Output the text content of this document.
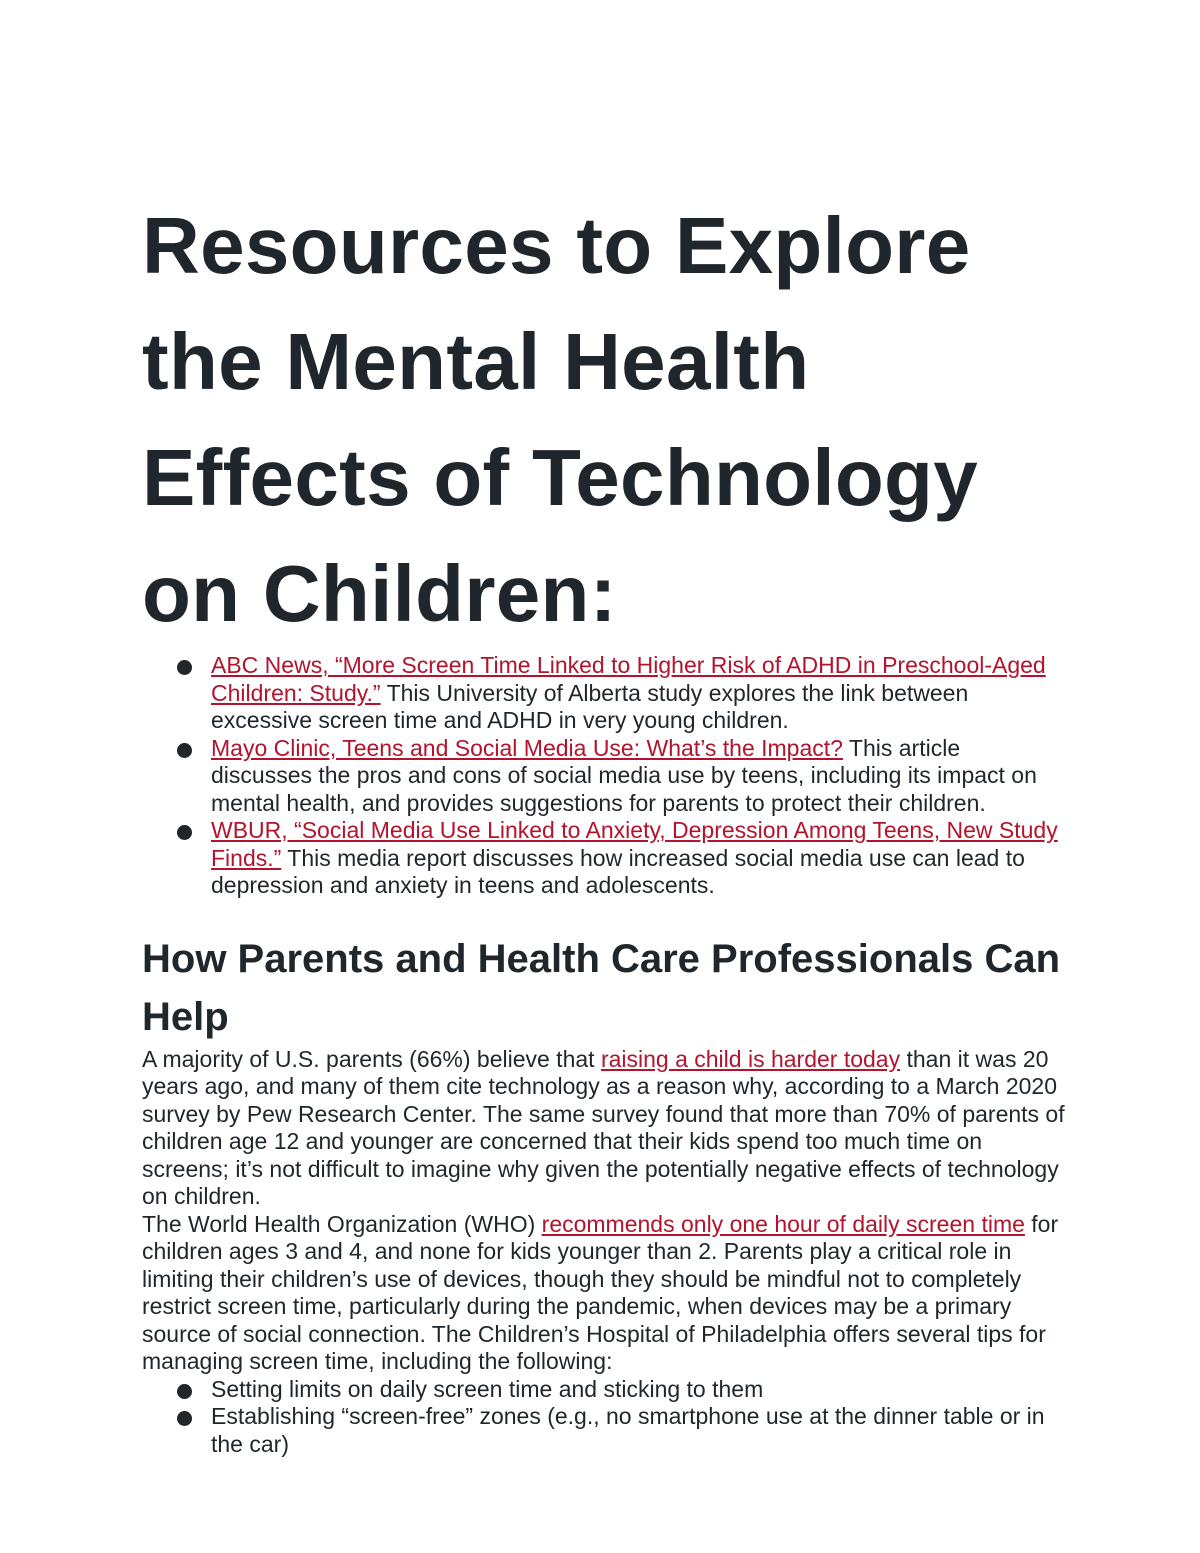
Resources to Explore the Mental Health Effects of Technology on Children:
ABC News, “More Screen Time Linked to Higher Risk of ADHD in Preschool-Aged Children: Study.” This University of Alberta study explores the link between excessive screen time and ADHD in very young children.
Mayo Clinic, Teens and Social Media Use: What’s the Impact? This article discusses the pros and cons of social media use by teens, including its impact on mental health, and provides suggestions for parents to protect their children.
WBUR, “Social Media Use Linked to Anxiety, Depression Among Teens, New Study Finds.” This media report discusses how increased social media use can lead to depression and anxiety in teens and adolescents.
How Parents and Health Care Professionals Can Help

A majority of U.S. parents (66%) believe that raising a child is harder today than it was 20 years ago, and many of them cite technology as a reason why, according to a March 2020 survey by Pew Research Center. The same survey found that more than 70% of parents of children age 12 and younger are concerned that their kids spend too much time on screens; it’s not difficult to imagine why given the potentially negative effects of technology on children.

The World Health Organization (WHO) recommends only one hour of daily screen time for children ages 3 and 4, and none for kids younger than 2. Parents play a critical role in limiting their children’s use of devices, though they should be mindful not to completely restrict screen time, particularly during the pandemic, when devices may be a primary source of social connection. The Children’s Hospital of Philadelphia offers several tips for managing screen time, including the following:

Setting limits on daily screen time and sticking to them
Establishing “screen-free” zones (e.g., no smartphone use at the dinner table or in the car)
